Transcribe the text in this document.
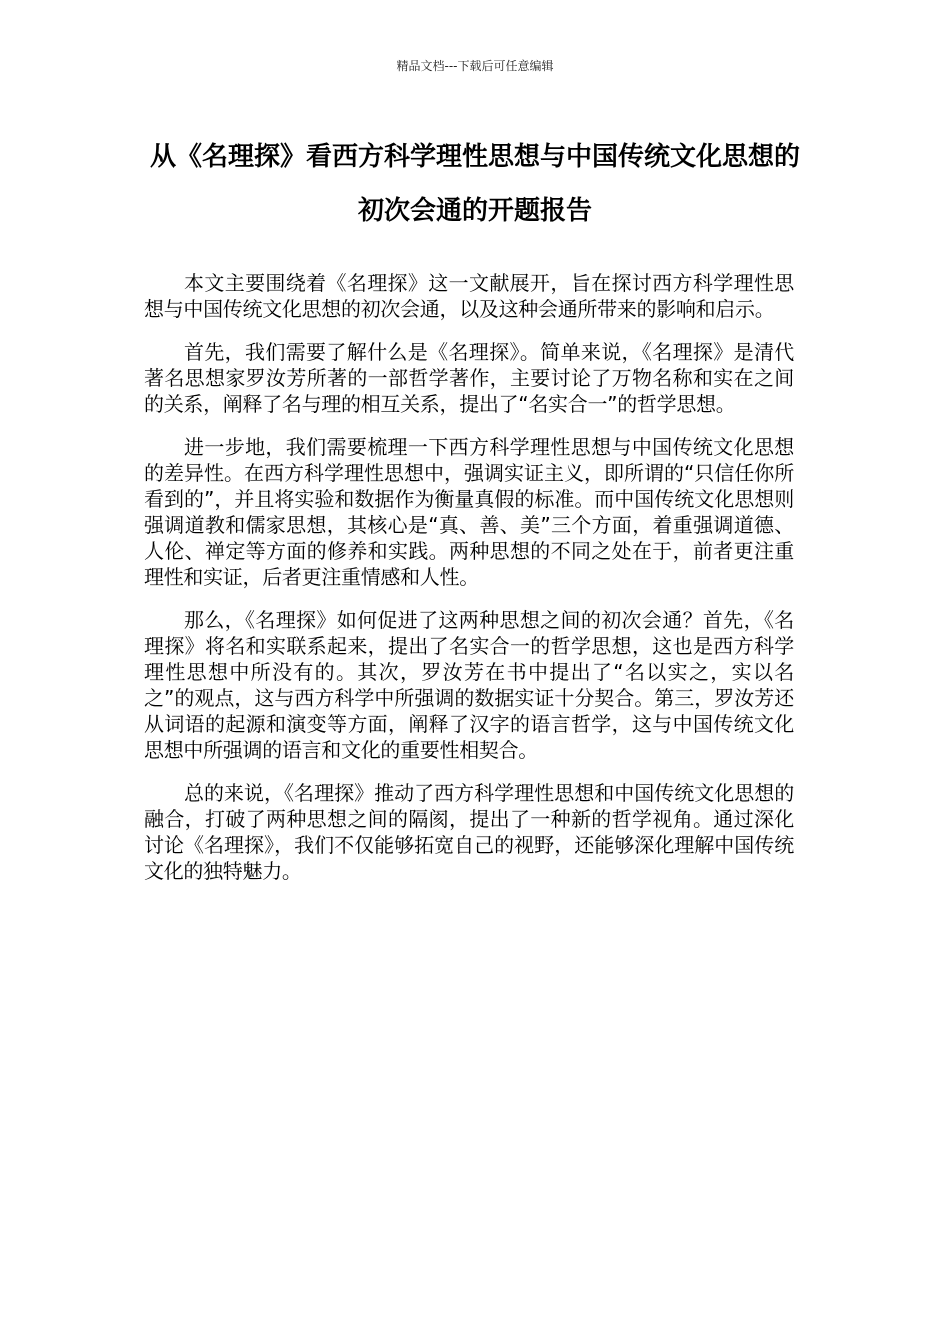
精品文档---下载后可任意编辑
从《名理探》看西方科学理性思想与中国传统文化思想的初次会通的开题报告

本文主要围绕着《名理探》这一文献展开，旨在探讨西方科学理性思想与中国传统文化思想的初次会通，以及这种会通所带来的影响和启示。

首先，我们需要了解什么是《名理探》。简单来说，《名理探》是清代著名思想家罗汝芳所著的一部哲学著作，主要讨论了万物名称和实在之间的关系，阐释了名与理的相互关系，提出了“名实合一”的哲学思想。

进一步地，我们需要梳理一下西方科学理性思想与中国传统文化思想的差异性。在西方科学理性思想中，强调实证主义，即所谓的“只信任你所看到的”，并且将实验和数据作为衡量真假的标准。而中国传统文化思想则强调道教和儒家思想，其核心是“真、善、美”三个方面，着重强调道德、人伦、禅定等方面的修养和实践。两种思想的不同之处在于，前者更注重理性和实证，后者更注重情感和人性。

那么，《名理探》如何促进了这两种思想之间的初次会通？首先，《名理探》将名和实联系起来，提出了名实合一的哲学思想，这也是西方科学理性思想中所没有的。其次，罗汝芳在书中提出了“名以实之，实以名之”的观点，这与西方科学中所强调的数据实证十分契合。第三，罗汝芳还从词语的起源和演变等方面，阐释了汉字的语言哲学，这与中国传统文化思想中所强调的语言和文化的重要性相契合。

总的来说，《名理探》推动了西方科学理性思想和中国传统文化思想的融合，打破了两种思想之间的隔阂，提出了一种新的哲学视角。通过深化讨论《名理探》，我们不仅能够拓宽自己的视野，还能够深化理解中国传统文化的独特魅力。
